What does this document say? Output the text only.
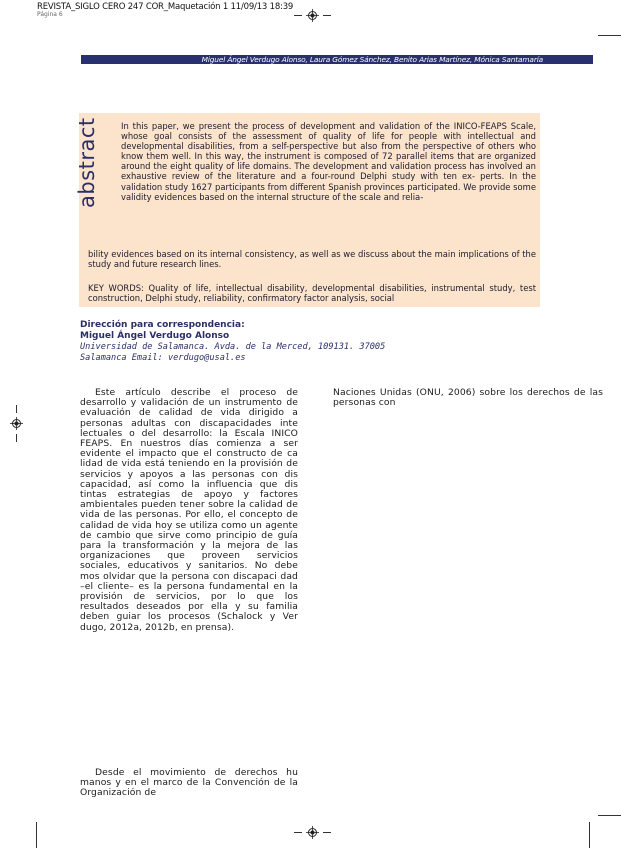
REVISTA_SIGLO CERO 247 COR_Maquetación 1 11/09/13 18:39
Página 6
Miguel Ángel Verdugo Alonso, Laura Gómez Sánchez, Benito Arias Martínez, Mónica Santamaría
abstract	In this paper, we present the process of development and validation of the INICO-FEAPS Scale, whose goal consists of the assessment of quality of life for people with intellectual and developmental disabilities, from a self-perspective but also from the perspective of others who know them well. In this way, the instrument is composed of 72 parallel items that are organized around the eight quality of life domains. The development and validation process has involved an exhaustive review of the literature and a four-round Delphi study with ten ex- perts. In the validation study 1627 participants from different Spanish provinces participated. We provide some validity evidences based on the internal structure of the scale and relia-
bility evidences based on its internal consistency, as well as we discuss about the main implications of the study and future research lines.
KEY WORDS: Quality of life, intellectual disability, developmental disabilities, instrumental study, test construction, Delphi study, reliability, confirmatory factor analysis, social
Dirección para correspondencia:
Miguel Ángel Verdugo Alonso
Universidad de Salamanca. Avda. de la Merced, 109131. 37005
Salamanca Email: verdugo@usal.es

Este artículo describe el proceso de desarrollo y validación de un instrumento de evaluación de calidad de vida dirigido a personas adultas con discapacidades inte lectuales o del desarrollo: la Escala INICO FEAPS. En nuestros días comienza a ser evidente el impacto que el constructo de ca lidad de vida está teniendo en la provisión de servicios y apoyos a las personas con dis capacidad, así como la influencia que dis tintas estrategias de apoyo y factores ambientales pueden tener sobre la calidad de vida de las personas. Por ello, el concepto de calidad de vida hoy se utiliza como un agente de cambio que sirve como principio de guía para la transformación y la mejora de las organizaciones que proveen servicios sociales, educativos y sanitarios. No debe mos olvidar que la persona con discapaci dad –el cliente– es la persona fundamental en la provisión de servicios, por lo que los resultados deseados por ella y su familia deben guiar los procesos (Schalock y Ver dugo, 2012a, 2012b, en prensa).

Desde el movimiento de derechos hu manos y en el marco de la Convención de la Organización de

Naciones Unidas (ONU, 2006) sobre los derechos de las personas con
